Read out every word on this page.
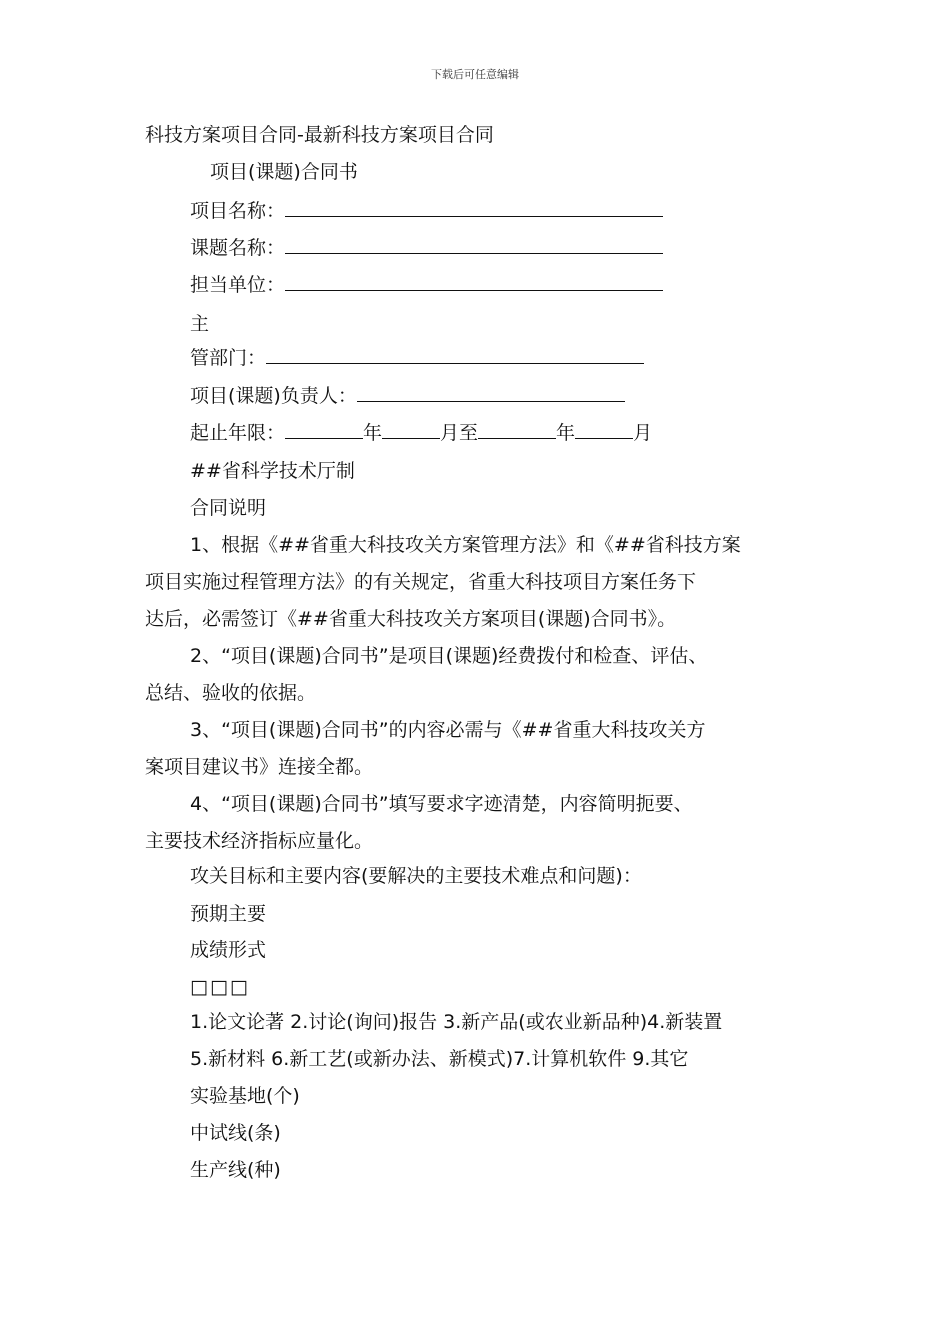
下载后可任意编辑
科技方案项目合同-最新科技方案项目合同
项目(课题)合同书
项目名称：
课题名称：
担当单位：
主
管部门：
项目(课题)负责人：
起止年限：	年	月至	年	月
##省科学技术厅制
合同说明
1、根据《##省重大科技攻关方案管理方法》和《##省科技方案
项目实施过程管理方法》的有关规定，省重大科技项目方案任务下
达后，必需签订《##省重大科技攻关方案项目(课题)合同书》。
2、“项目(课题)合同书”是项目(课题)经费拨付和检查、评估、
总结、验收的依据。
3、“项目(课题)合同书”的内容必需与《##省重大科技攻关方
案项目建议书》连接全都。
4、“项目(课题)合同书”填写要求字迹清楚，内容简明扼要、
主要技术经济指标应量化。
攻关目标和主要内容(要解决的主要技术难点和问题)：
预期主要
成绩形式
□□□
1.论文论著 2.讨论(询问)报告 3.新产品(或农业新品种)4.新装置
5.新材料 6.新工艺(或新办法、新模式)7.计算机软件 9.其它
实验基地(个)
中试线(条)
生产线(种)
